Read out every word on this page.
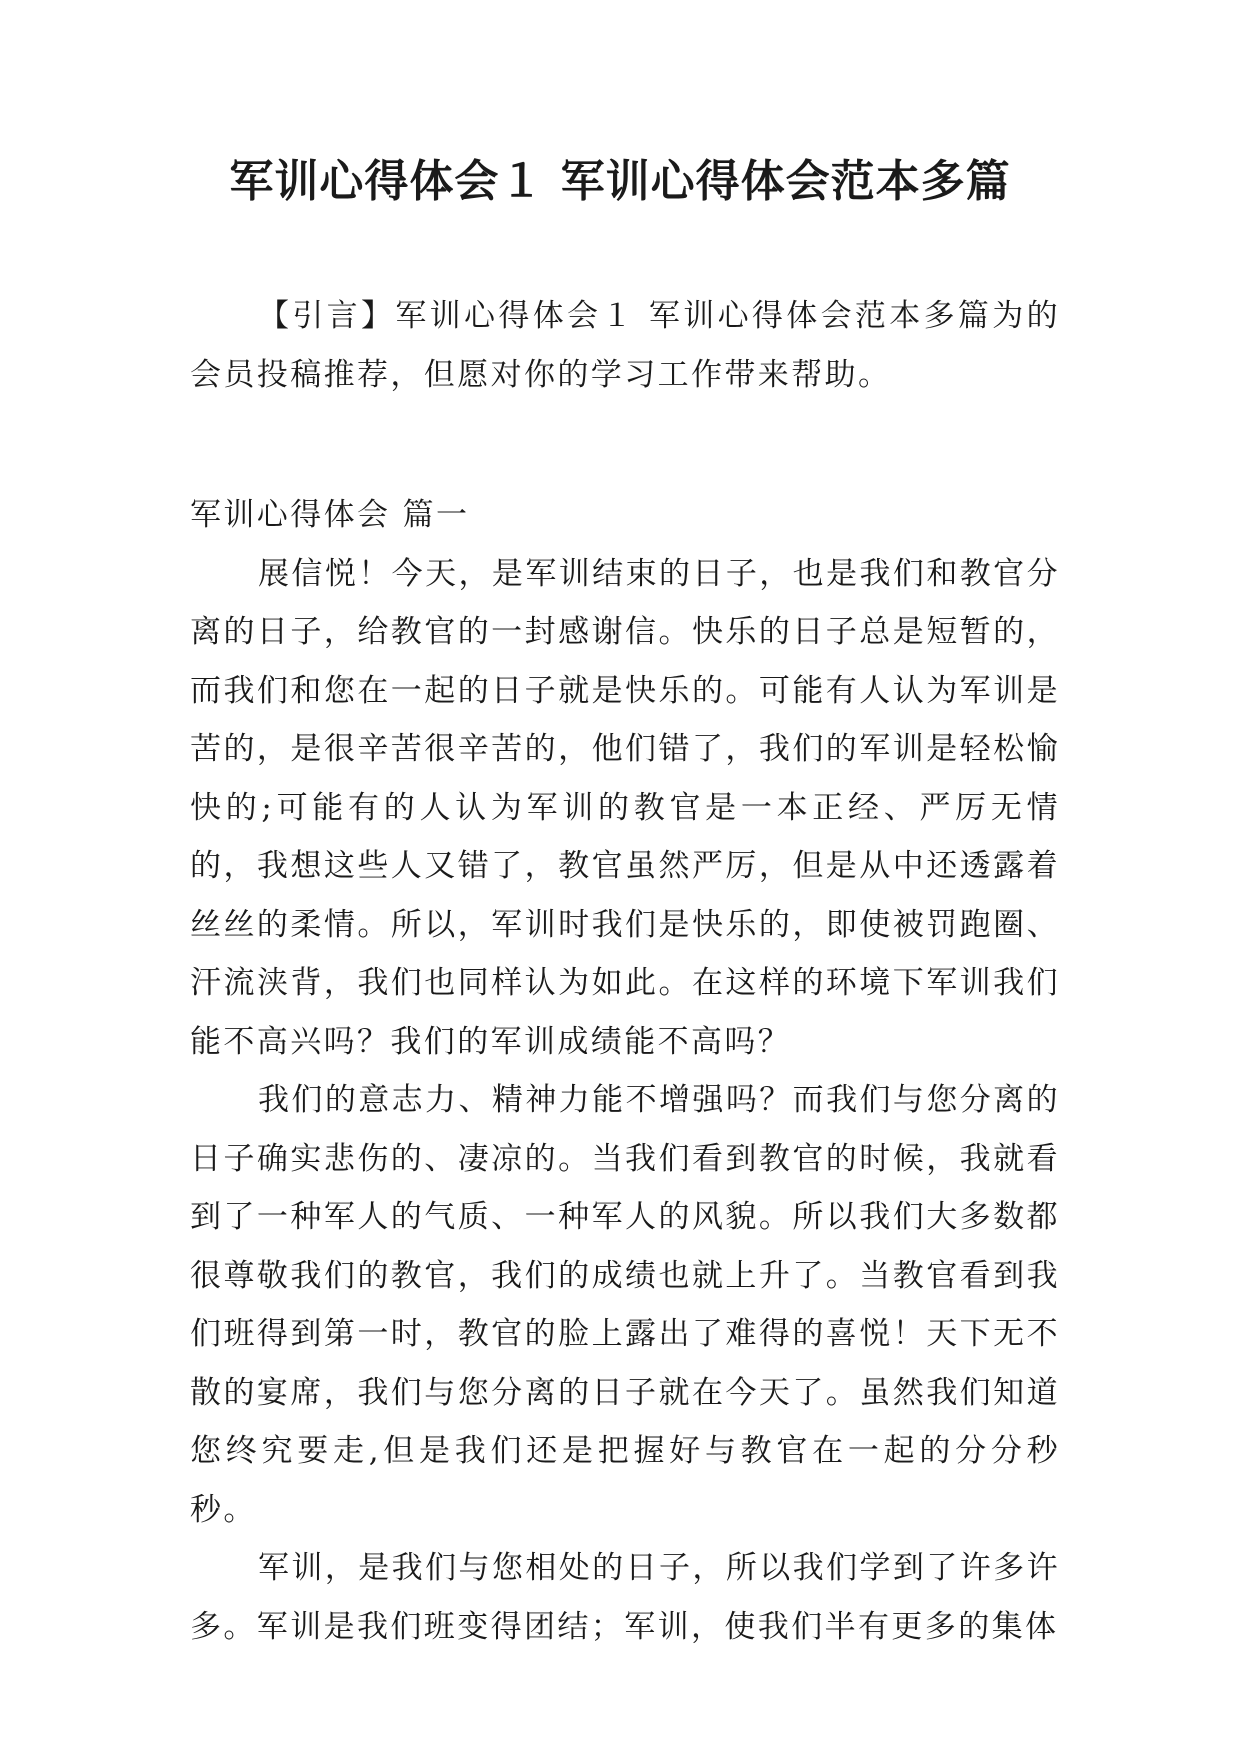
军训心得体会１ 军训心得体会范本多篇

【引言】军训心得体会１ 军训心得体会范本多篇为的会员投稿推荐，但愿对你的学习工作带来帮助。

军训心得体会 篇一

展信悦！今天，是军训结束的日子，也是我们和教官分离的日子，给教官的一封感谢信。快乐的日子总是短暂的，而我们和您在一起的日子就是快乐的。可能有人认为军训是苦的，是很辛苦很辛苦的，他们错了，我们的军训是轻松愉快的;可能有的人认为军训的教官是一本正经、严厉无情的，我想这些人又错了，教官虽然严厉，但是从中还透露着丝丝的柔情。所以，军训时我们是快乐的，即使被罚跑圈、汗流浃背，我们也同样认为如此。在这样的环境下军训我们能不高兴吗？我们的军训成绩能不高吗？

我们的意志力、精神力能不增强吗？而我们与您分离的日子确实悲伤的、凄凉的。当我们看到教官的时候，我就看到了一种军人的气质、一种军人的风貌。所以我们大多数都很尊敬我们的教官，我们的成绩也就上升了。当教官看到我们班得到第一时，教官的脸上露出了难得的喜悦！天下无不散的宴席，我们与您分离的日子就在今天了。虽然我们知道您终究要走,但是我们还是把握好与教官在一起的分分秒秒。

军训，是我们与您相处的日子，所以我们学到了许多许多。军训是我们班变得团结；军训，使我们半有更多的集体
